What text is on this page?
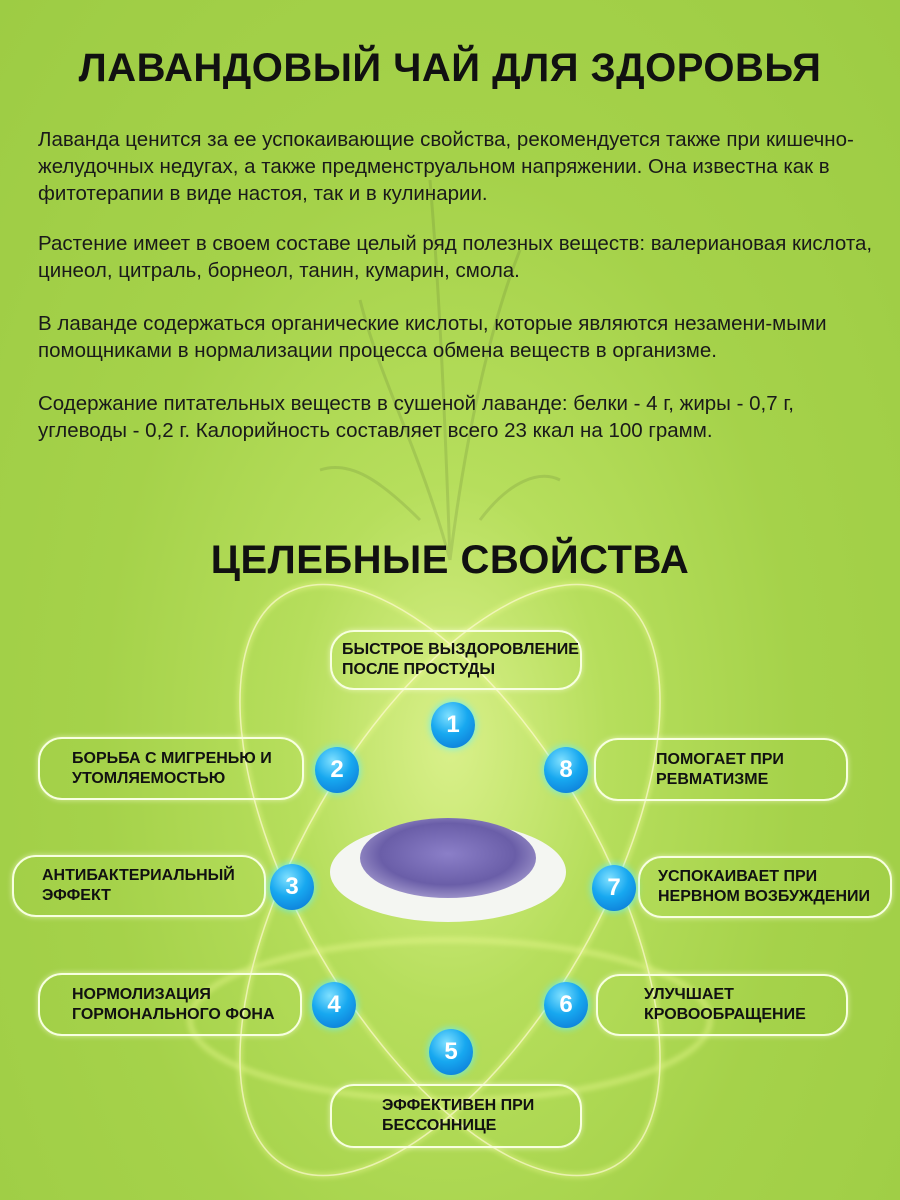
ЛАВАНДОВЫЙ ЧАЙ ДЛЯ ЗДОРОВЬЯ
Лаванда ценится за ее успокаивающие свойства, рекомендуется также при кишечно-желудочных недугах, а также предменструальном напряжении. Она известна как в фитотерапии в виде настоя, так и в кулинарии.
Растение имеет в своем составе целый ряд полезных веществ: валериановая кислота, цинеол, цитраль, борнеол, танин, кумарин, смола.
В лаванде содержаться органические кислоты, которые являются незамени-мыми помощниками в нормализации процесса обмена веществ в организме.
Содержание питательных веществ в сушеной лаванде: белки - 4 г, жиры - 0,7 г, углеводы - 0,2 г. Калорийность составляет всего 23 ккал на 100 грамм.
ЦЕЛЕБНЫЕ СВОЙСТВА
БЫСТРОЕ ВЫЗДОРОВЛЕНИЕ ПОСЛЕ ПРОСТУДЫ
БОРЬБА С МИГРЕНЬЮ И УТОМЛЯЕМОСТЬЮ
ПОМОГАЕТ ПРИ РЕВМАТИЗМЕ
АНТИБАКТЕРИАЛЬНЫЙ ЭФФЕКТ
УСПОКАИВАЕТ ПРИ НЕРВНОМ ВОЗБУЖДЕНИИ
НОРМОЛИЗАЦИЯ ГОРМОНАЛЬНОГО ФОНА
УЛУЧШАЕТ КРОВООБРАЩЕНИЕ
ЭФФЕКТИВЕН ПРИ БЕССОННИЦЕ
1
2	8
3	7
4	6
5
